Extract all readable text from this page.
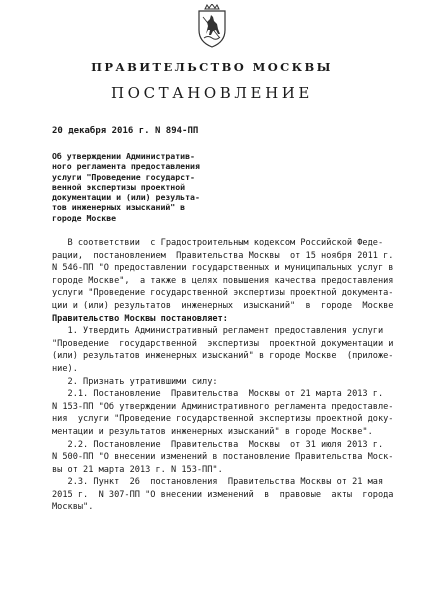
ПРАВИТЕЛЬСТВО МОСКВЫ
ПОСТАНОВЛЕНИЕ
20 декабря 2016 г. N 894-ПП
Об утверждении Административ-
ного регламента предоставления
услуги "Проведение государст-
венной экспертизы проектной
документации и (или) результа-
тов инженерных изысканий" в
городе Москве
В соответствии  с Градостроительным кодексом Российской Феде-
рации,  постановлением  Правительства Москвы  от 15 ноября 2011 г.
N 546-ПП "О предоставлении государственных и муниципальных услуг в
городе Москве",  а также в целях повышения качества предоставления
услуги "Проведение государственной экспертизы проектной документа-
ции и (или) результатов  инженерных  изысканий"  в  городе  Москве
Правительство Москвы постановляет:
1. Утвердить Административный регламент предоставления услуги
"Проведение  государственной  экспертизы  проектной документации и
(или) результатов инженерных изысканий" в городе Москве  (приложе-
ние).
2. Признать утратившими силу:
2.1. Постановление  Правительства  Москвы от 21 марта 2013 г.
N 153-ПП "Об утверждении Административного регламента предоставле-
ния  услуги "Проведение государственной экспертизы проектной доку-
ментации и результатов инженерных изысканий" в городе Москве".
2.2. Постановление  Правительства  Москвы  от 31 июля 2013 г.
N 500-ПП "О внесении изменений в постановление Правительства Моск-
вы от 21 марта 2013 г. N 153-ПП".
2.3. Пункт  26  постановления  Правительства Москвы от 21 мая
2015 г.  N 307-ПП "О внесении изменений  в  правовые  акты  города
Москвы".
